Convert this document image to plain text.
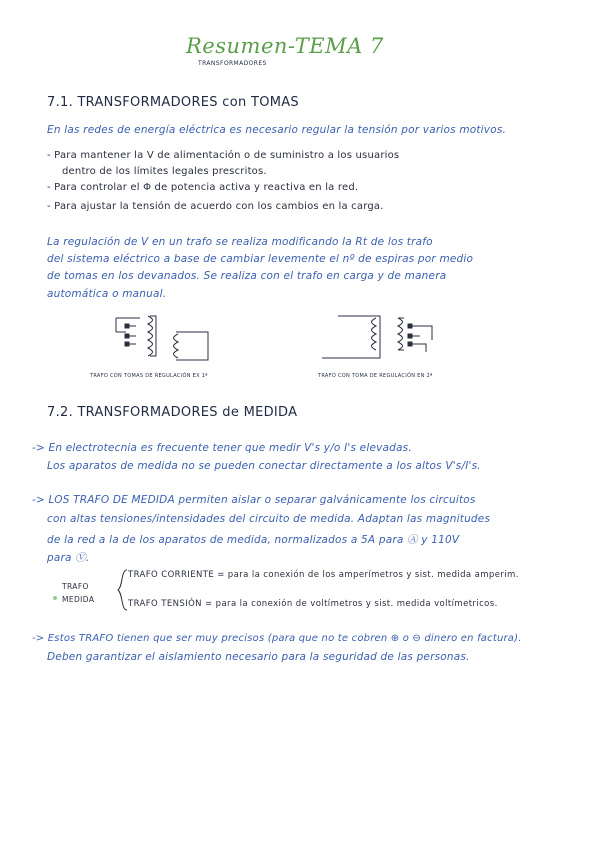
Resumen-TEMA 7
TRANSFORMADORES
7.1. TRANSFORMADORES con TOMAS
En las redes de energía eléctrica es necesario regular la tensión por varios motivos.
- Para mantener la V de alimentación o de suministro a los usuarios
dentro de los límites legales prescritos.
- Para controlar el Φ de potencia activa y reactiva en la red.
- Para ajustar la tensión de acuerdo con los cambios en la carga.
La regulación de V en un trafo se realiza modificando la Rt de los trafo
del sistema eléctrico a base de cambiar levemente el nº de espiras por medio
de tomas en los devanados. Se realiza con el trafo en carga y de manera
automática o manual.
TRAFO CON TOMAS DE REGULACIÓN EX 1ª	TRAFO CON TOMA DE REGULACIÓN EN 2ª
7.2. TRANSFORMADORES de MEDIDA
-> En electrotecnia es frecuente tener que medir V's y/o I's elevadas.
Los aparatos de medida no se pueden conectar directamente a los altos V's/I's.
-> LOS TRAFO DE MEDIDA permiten aislar o separar galvánicamente los circuitos
con altas tensiones/intensidades del circuito de medida. Adaptan las magnitudes
de la red a la de los aparatos de medida, normalizados a 5A para Ⓐ y 110V
para Ⓥ.
TRAFO
MEDIDA
TRAFO CORRIENTE = para la conexión de los amperímetros y sist. medida amperim.
TRAFO TENSIÓN = para la conexión de voltímetros y sist. medida voltímetricos.
-> Estos TRAFO tienen que ser muy precisos (para que no te cobren ⊕ o ⊖ dinero en factura).
Deben garantizar el aislamiento necesario para la seguridad de las personas.
